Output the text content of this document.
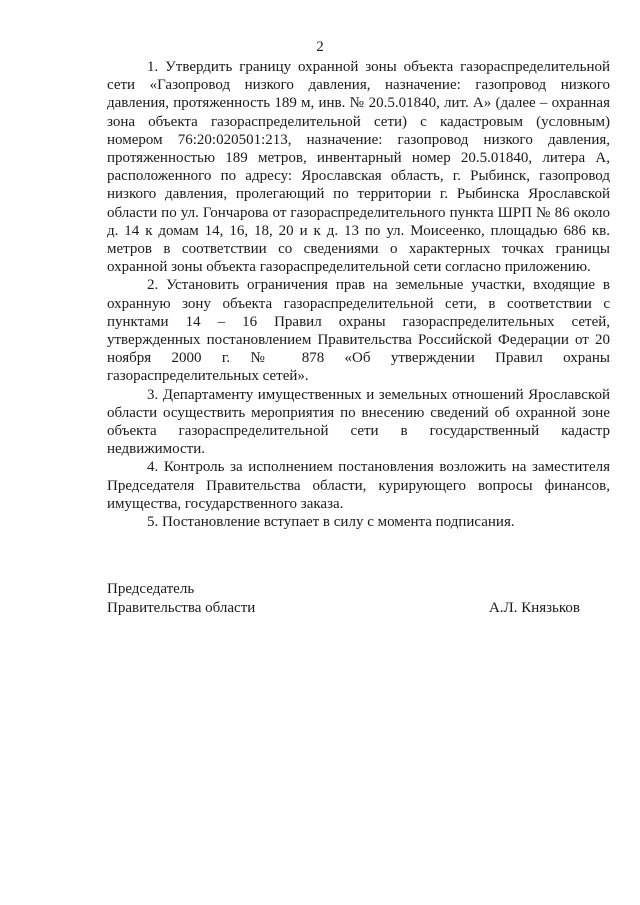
2

1. Утвердить границу охранной зоны объекта газораспределительной сети «Газопровод низкого давления, назначение: газопровод низкого давления, протяженность 189 м, инв. № 20.5.01840, лит. А» (далее – охранная зона объекта газораспределительной сети) с кадастровым (условным) номером 76:20:020501:213, назначение: газопровод низкого давления, протяженностью 189 метров, инвентарный номер 20.5.01840, литера А, расположенного по адресу: Ярославская область, г. Рыбинск, газопровод низкого давления, пролегающий по территории г. Рыбинска Ярославской области по ул. Гончарова от газораспределительного пункта ШРП № 86 около д. 14 к домам 14, 16, 18, 20 и к д. 13 по ул. Моисеенко, площадью 686 кв. метров в соответствии со сведениями о характерных точках границы охранной зоны объекта газораспределительной сети согласно приложению.

2. Установить ограничения прав на земельные участки, входящие в охранную зону объекта газораспределительной сети, в соответствии с пунктами 14 – 16 Правил охраны газораспределительных сетей, утвержденных постановлением Правительства Российской Федерации от 20 ноября 2000 г. № 878 «Об утверждении Правил охраны газораспределительных сетей».

3. Департаменту имущественных и земельных отношений Ярославской области осуществить мероприятия по внесению сведений об охранной зоне объекта газораспределительной сети в государственный кадастр недвижимости.

4. Контроль за исполнением постановления возложить на заместителя Председателя Правительства области, курирующего вопросы финансов, имущества, государственного заказа.

5. Постановление вступает в силу с момента подписания.

Председатель
Правительства области	А.Л. Князьков
